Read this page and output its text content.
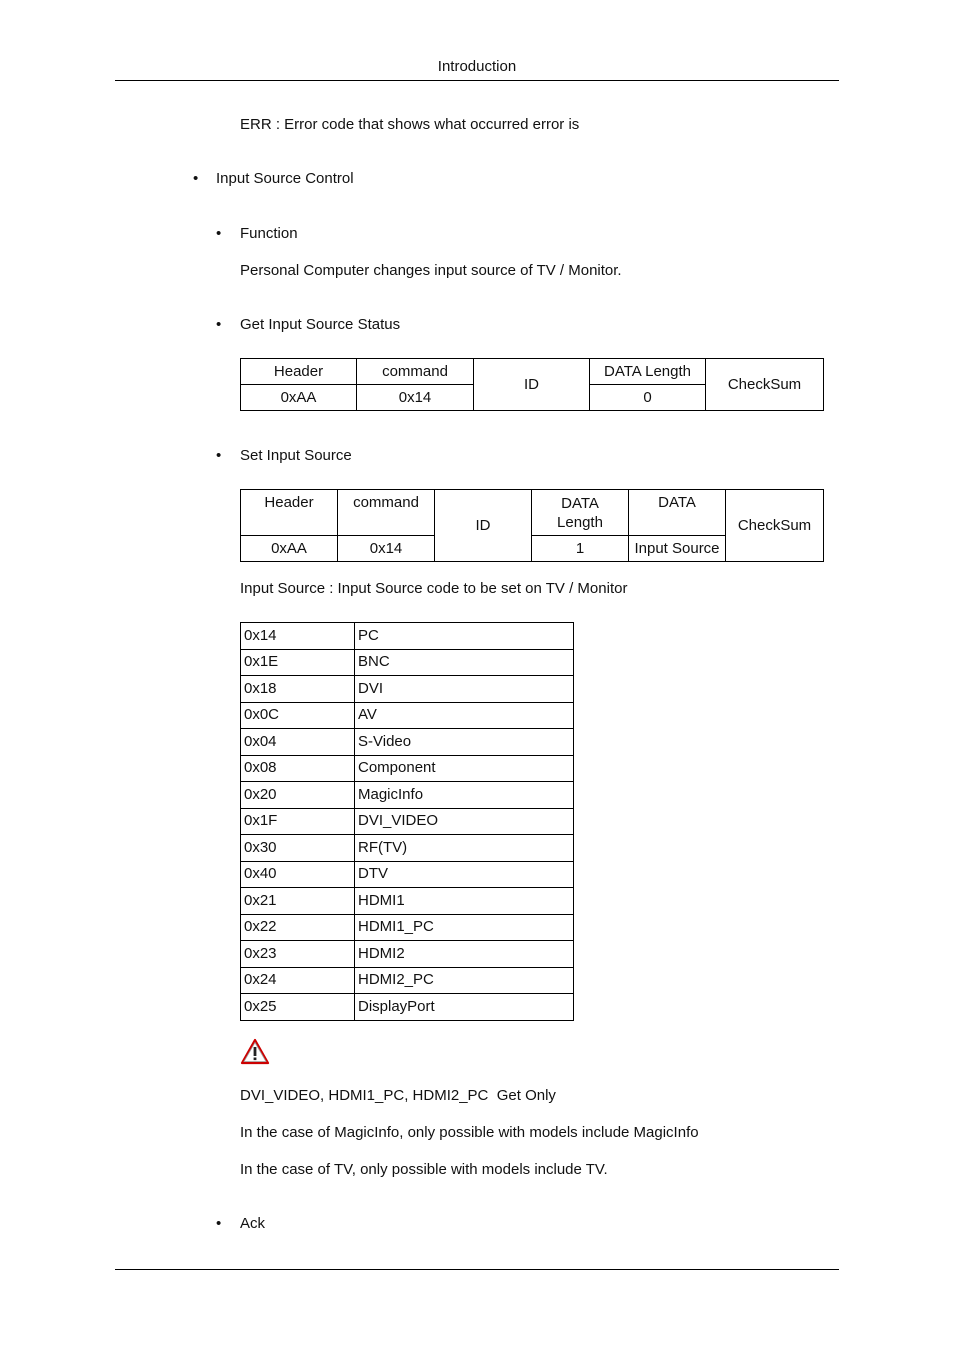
Introduction
ERR : Error code that shows what occurred error is
• Input Source Control
• Function
Personal Computer changes input source of TV / Monitor.
• Get Input Source Status
Header	command	ID	DATA Length	CheckSum
0xAA	0x14		0	
• Set Input Source
Header	command	ID	DATA Length	DATA	CheckSum
0xAA	0x14		1	Input Source	
Input Source : Input Source code to be set on TV / Monitor
0x14	PC
0x1E	BNC
0x18	DVI
0x0C	AV
0x04	S-Video
0x08	Component
0x20	MagicInfo
0x1F	DVI_VIDEO
0x30	RF(TV)
0x40	DTV
0x21	HDMI1
0x22	HDMI1_PC
0x23	HDMI2
0x24	HDMI2_PC
0x25	DisplayPort
DVI_VIDEO, HDMI1_PC, HDMI2_PC  Get Only
In the case of MagicInfo, only possible with models include MagicInfo
In the case of TV, only possible with models include TV.
• Ack
